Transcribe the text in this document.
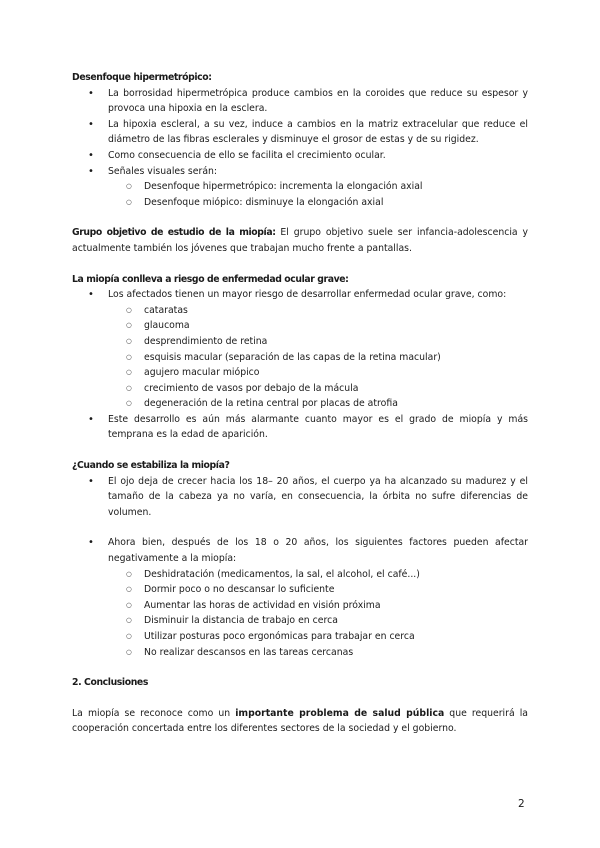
Desenfoque hipermetrópico:

• La borrosidad hipermetrópica produce cambios en la coroides que reduce su espesor y provoca una hipoxia en la esclera.
• La hipoxia escleral, a su vez, induce a cambios en la matriz extracelular que reduce el diámetro de las fibras esclerales y disminuye el grosor de estas y de su rigidez.
• Como consecuencia de ello se facilita el crecimiento ocular.
• Señales visuales serán:
○ Desenfoque hipermetrópico: incrementa la elongación axial
○ Desenfoque miópico: disminuye la elongación axial

Grupo objetivo de estudio de la miopía: El grupo objetivo suele ser infancia-adolescencia y actualmente también los jóvenes que trabajan mucho frente a pantallas.

La miopía conlleva a riesgo de enfermedad ocular grave:

• Los afectados tienen un mayor riesgo de desarrollar enfermedad ocular grave, como:
○ cataratas
○ glaucoma
○ desprendimiento de retina
○ esquisis macular (separación de las capas de la retina macular)
○ agujero macular miópico
○ crecimiento de vasos por debajo de la mácula
○ degeneración de la retina central por placas de atrofia
• Este desarrollo es aún más alarmante cuanto mayor es el grado de miopía y más temprana es la edad de aparición.

¿Cuando se estabiliza la miopía?

• El ojo deja de crecer hacia los 18– 20 años, el cuerpo ya ha alcanzado su madurez y el tamaño de la cabeza ya no varía, en consecuencia, la órbita no sufre diferencias de volumen.
• Ahora bien, después de los 18 o 20 años, los siguientes factores pueden afectar negativamente a la miopía:
○ Deshidratación (medicamentos, la sal, el alcohol, el café...)
○ Dormir poco o no descansar lo suficiente
○ Aumentar las horas de actividad en visión próxima
○ Disminuir la distancia de trabajo en cerca
○ Utilizar posturas poco ergonómicas para trabajar en cerca
○ No realizar descansos en las tareas cercanas

2. Conclusiones

La miopía se reconoce como un importante problema de salud pública que requerirá la cooperación concertada entre los diferentes sectores de la sociedad y el gobierno.

2
